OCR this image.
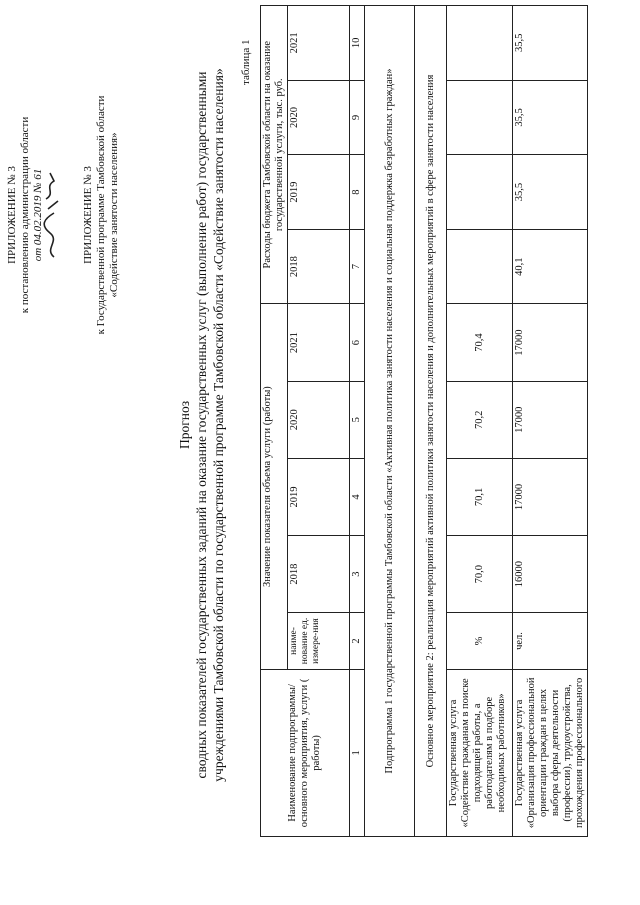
ПРИЛОЖЕНИЕ № 3 к постановлению администрации области от 04.02.2019 № 61	ПРИЛОЖЕНИЕ № 3 к Государственной программе Тамбовской области «Содействие занятости населения»
Прогноз сводных показателей государственных заданий на оказание государственных услуг (выполнение работ) государственными учреждениями Тамбовской области по государственной программе Тамбовской области «Содействие занятости населения»
таблица 1
Наименование подпрограммы/ основного мероприятия, услуги ( работы)	Значение показателя объема услуги (работы)					Расходы бюджета Тамбовской области на оказание государственной услуги, тыс. руб.			
	наиме-нование ед. измере-ния	2018	2019	2020	2021	2018	2019	2020	2021
1	2	3	4	5	6	7	8	9	10
Подпрограмма 1 государственной программы Тамбовской области «Активная политика занятости населения и социальная поддержка безработных граждан»									
Основное мероприятие 2: реализация мероприятий активной политики занятости населения и дополнительных мероприятий в сфере занятости населения									
Государственная услуга «Содействие гражданам в поиске подходящей работы, а работодателям в подборе необходимых работников»	%	70,0	70,1	70,2	70,4				
Государственная услуга «Организация профессиональной ориентации граждан в целях выбора сферы деятельности (профессии), трудоустройства, прохождения профессионального	чел.	16000	17000	17000	17000	40,1	35,5	35,5	35,5
